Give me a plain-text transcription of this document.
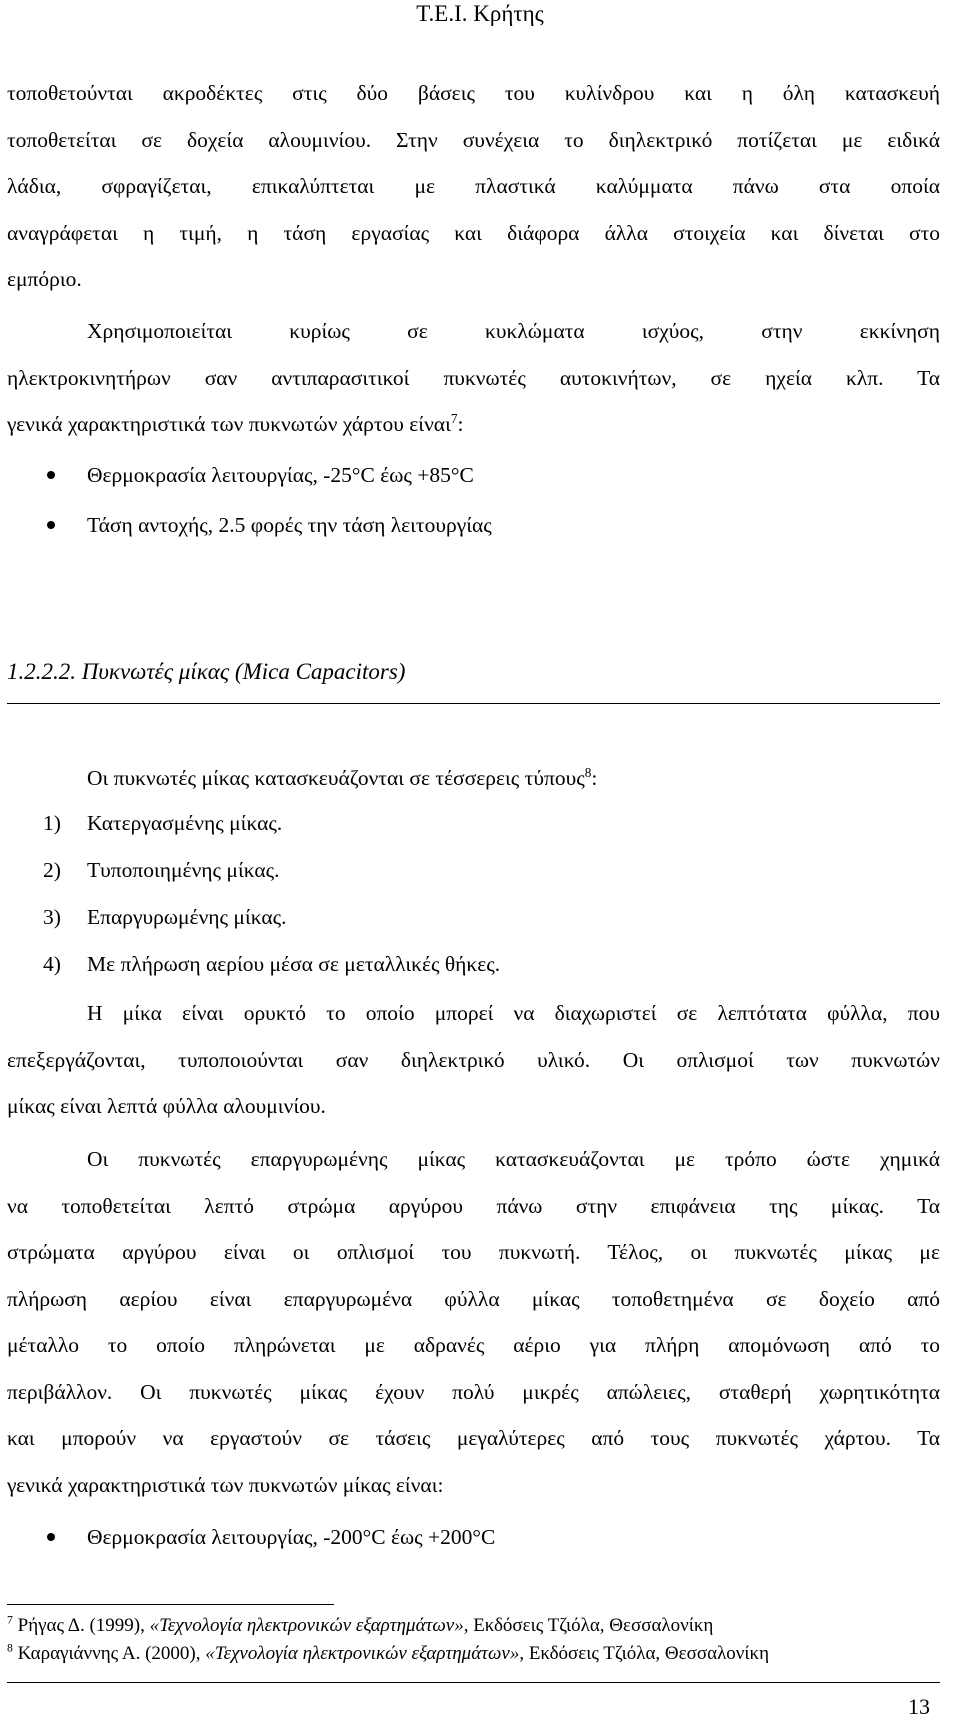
Τ.Ε.Ι. Κρήτης
τοποθετούνται ακροδέκτες στις δύο βάσεις του κυλίνδρου και η όλη κατασκευή
τοποθετείται σε δοχεία αλουμινίου. Στην συνέχεια το διηλεκτρικό ποτίζεται με ειδικά
λάδια, σφραγίζεται, επικαλύπτεται με πλαστικά καλύμματα πάνω στα οποία
αναγράφεται η τιμή, η τάση εργασίας και διάφορα άλλα στοιχεία και δίνεται στο
εμπόριο.
Χρησιμοποιείται κυρίως σε κυκλώματα ισχύος, στην εκκίνηση
ηλεκτροκινητήρων σαν αντιπαρασιτικοί πυκνωτές αυτοκινήτων, σε ηχεία κλπ. Τα
γενικά χαρακτηριστικά των πυκνωτών χάρτου είναι$^7$:
Θερμοκρασία λειτουργίας, -25°C έως +85°C
Τάση αντοχής, 2.5 φορές την τάση λειτουργίας
1.2.2.2. Πυκνωτές μίκας (Mica Capacitors)
Οι πυκνωτές μίκας κατασκευάζονται σε τέσσερεις τύπους$^8$:
1) Κατεργασμένης μίκας.
2) Τυποποιημένης μίκας.
3) Επαργυρωμένης μίκας.
4) Με πλήρωση αερίου μέσα σε μεταλλικές θήκες.
Η μίκα είναι ορυκτό το οποίο μπορεί να διαχωριστεί σε λεπτότατα φύλλα, που
επεξεργάζονται, τυποποιούνται σαν διηλεκτρικό υλικό. Οι οπλισμοί των πυκνωτών
μίκας είναι λεπτά φύλλα αλουμινίου.
Οι πυκνωτές επαργυρωμένης μίκας κατασκευάζονται με τρόπο ώστε χημικά
να τοποθετείται λεπτό στρώμα αργύρου πάνω στην επιφάνεια της μίκας. Τα
στρώματα αργύρου είναι οι οπλισμοί του πυκνωτή. Τέλος, οι πυκνωτές μίκας με
πλήρωση αερίου είναι επαργυρωμένα φύλλα μίκας τοποθετημένα σε δοχείο από
μέταλλο το οποίο πληρώνεται με αδρανές αέριο για πλήρη απομόνωση από το
περιβάλλον. Οι πυκνωτές μίκας έχουν πολύ μικρές απώλειες, σταθερή χωρητικότητα
και μπορούν να εργαστούν σε τάσεις μεγαλύτερες από τους πυκνωτές χάρτου. Τα
γενικά χαρακτηριστικά των πυκνωτών μίκας είναι:
Θερμοκρασία λειτουργίας, -200°C έως +200°C
$^7$ Ρήγας Δ. (1999), «Τεχνολογία ηλεκτρονικών εξαρτημάτων», Εκδόσεις Τζιόλα, Θεσσαλονίκη
$^8$ Καραγιάννης Α. (2000), «Τεχνολογία ηλεκτρονικών εξαρτημάτων», Εκδόσεις Τζιόλα, Θεσσαλονίκη
13
